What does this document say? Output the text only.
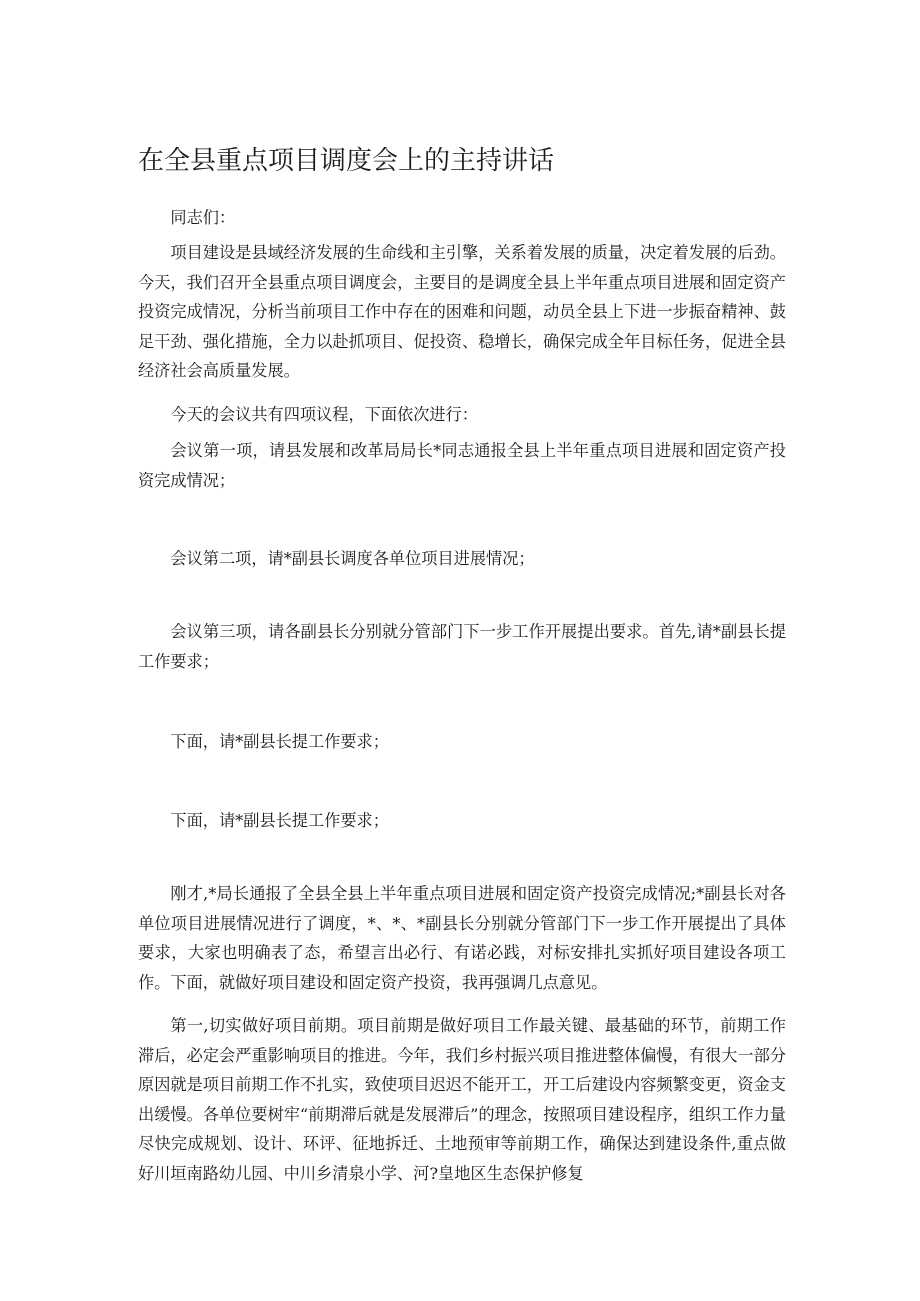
在全县重点项目调度会上的主持讲话

同志们：

项目建设是县域经济发展的生命线和主引擎，关系着发展的质量，决定着发展的后劲。今天，我们召开全县重点项目调度会，主要目的是调度全县上半年重点项目进展和固定资产投资完成情况，分析当前项目工作中存在的困难和问题，动员全县上下进一步振奋精神、鼓足干劲、强化措施，全力以赴抓项目、促投资、稳增长，确保完成全年目标任务，促进全县经济社会高质量发展。

今天的会议共有四项议程，下面依次进行：

会议第一项，请县发展和改革局局长*同志通报全县上半年重点项目进展和固定资产投资完成情况；

会议第二项，请*副县长调度各单位项目进展情况；

会议第三项，请各副县长分别就分管部门下一步工作开展提出要求。首先,请*副县长提工作要求；

下面，请*副县长提工作要求；

下面，请*副县长提工作要求；

刚才,*局长通报了全县全县上半年重点项目进展和固定资产投资完成情况;*副县长对各单位项目进展情况进行了调度，*、*、*副县长分别就分管部门下一步工作开展提出了具体要求，大家也明确表了态，希望言出必行、有诺必践，对标安排扎实抓好项目建设各项工作。下面，就做好项目建设和固定资产投资，我再强调几点意见。

第一,切实做好项目前期。项目前期是做好项目工作最关键、最基础的环节，前期工作滞后，必定会严重影响项目的推进。今年，我们乡村振兴项目推进整体偏慢，有很大一部分原因就是项目前期工作不扎实，致使项目迟迟不能开工，开工后建设内容频繁变更，资金支出缓慢。各单位要树牢“前期滞后就是发展滞后”的理念，按照项目建设程序，组织工作力量尽快完成规划、设计、环评、征地拆迁、土地预审等前期工作，确保达到建设条件,重点做好川垣南路幼儿园、中川乡清泉小学、河?皇地区生态保护修复
